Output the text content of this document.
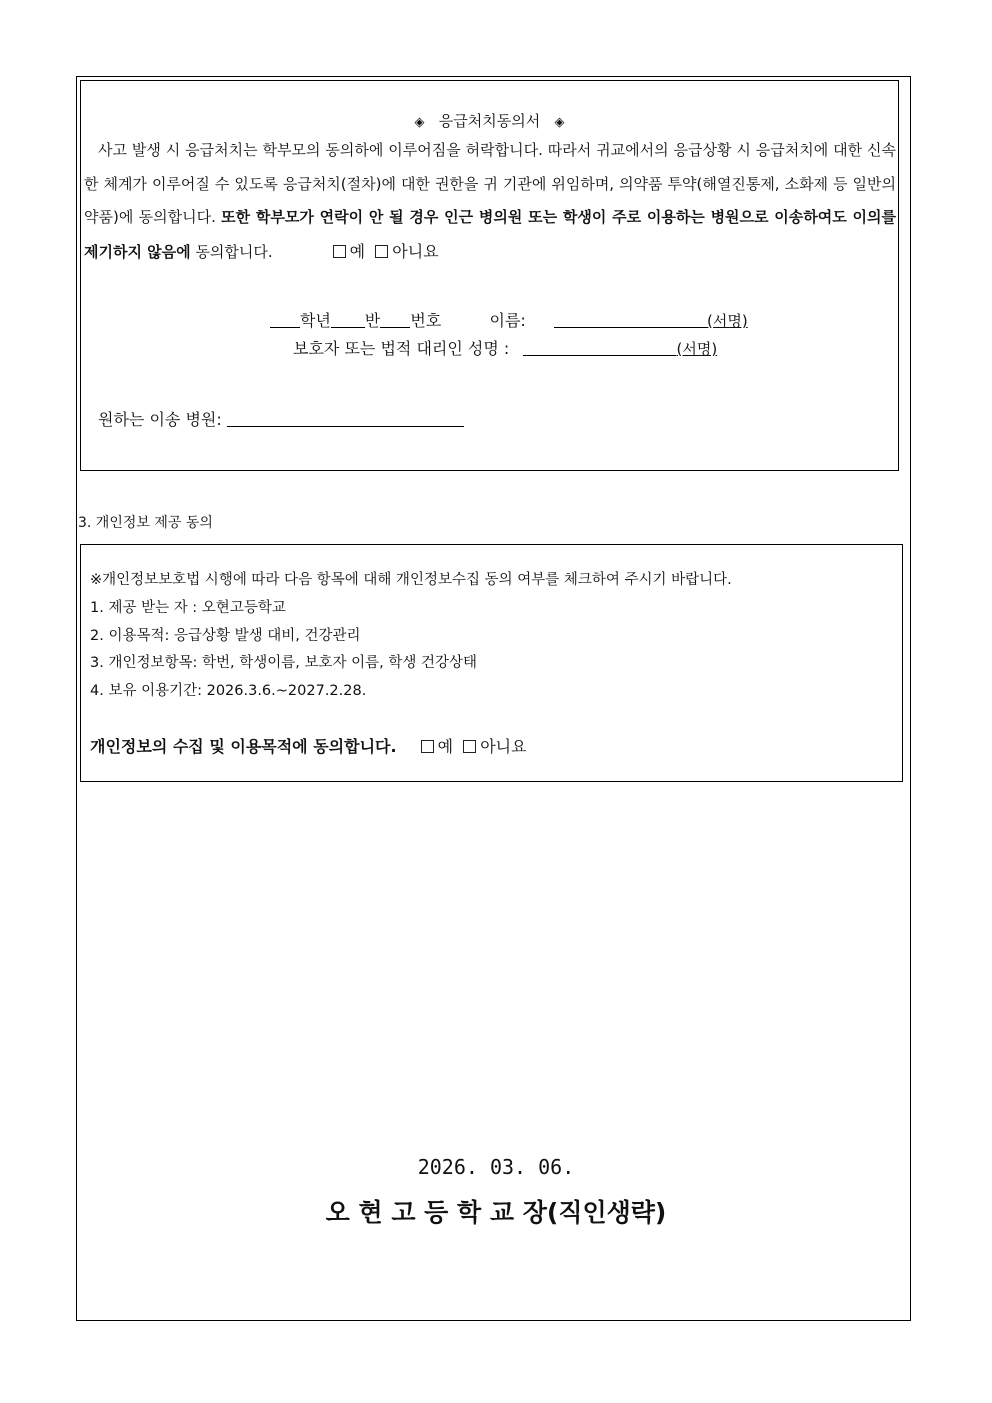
◈ 응급처치동의서 ◈
사고 발생 시 응급처치는 학부모의 동의하에 이루어짐을 허락합니다. 따라서 귀교에서의 응급상황 시 응급처치에 대한 신속한 체계가 이루어질 수 있도록 응급처치(절차)에 대한 권한을 귀 기관에 위임하며, 의약품 투약(해열진통제, 소화제 등 일반의약품)에 동의합니다. 또한 학부모가 연락이 안 될 경우 인근 병의원 또는 학생이 주로 이용하는 병원으로 이송하여도 이의를 제기하지 않음에 동의합니다.	예 아니요
학년 반 번호	이름:	(서명)
보호자 또는 법적 대리인 성명 :	(서명)
원하는 이송 병원:
3. 개인정보 제공 동의
※개인정보보호법 시행에 따라 다음 항목에 대해 개인정보수집 동의 여부를 체크하여 주시기 바랍니다.
1. 제공 받는 자 : 오현고등학교
2. 이용목적: 응급상황 발생 대비, 건강관리
3. 개인정보항목: 학번, 학생이름, 보호자 이름, 학생 건강상태
4. 보유 이용기간: 2026.3.6.~2027.2.28.
개인정보의 수집 및 이용목적에 동의합니다.	예 아니요
2026. 03. 06.
오 현 고 등 학 교 장(직인생략)
